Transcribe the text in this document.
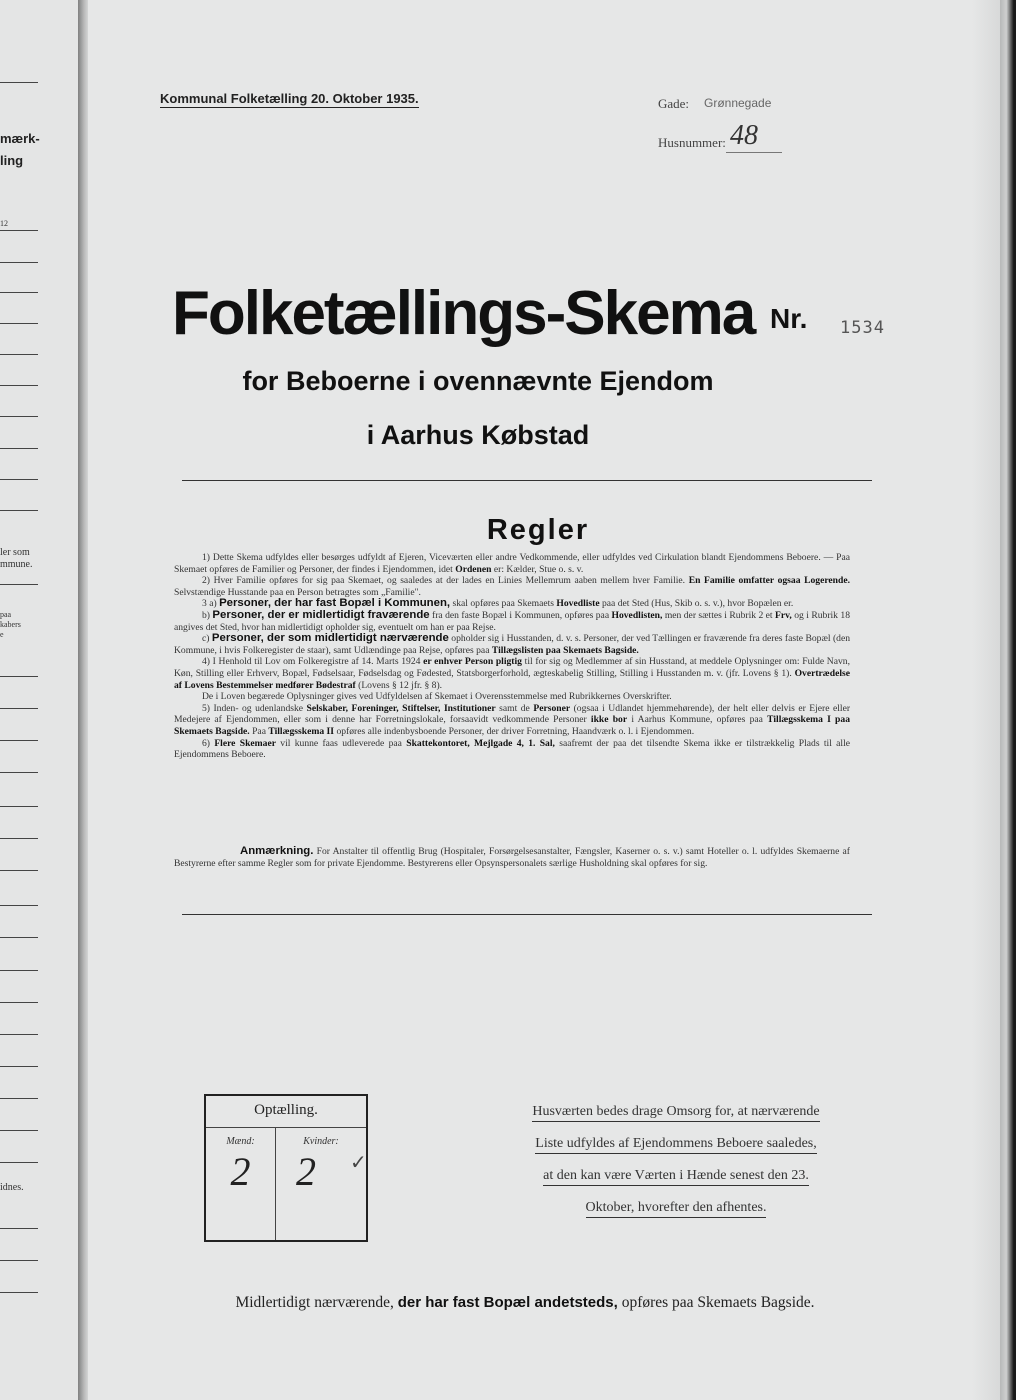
mærk-
ling
12
ler som
mmune.
paa
kabers
e
idnes.
Kommunal Folketælling 20. Oktober 1935.	Gade: Grønnegade
Husnummer: 48
Folketællings-Skema Nr. 1534
for Beboerne i ovennævnte Ejendom
i Aarhus Købstad
Regler

1) Dette Skema udfyldes eller besørges udfyldt af Ejeren, Viceværten eller andre Vedkommende, eller udfyldes ved Cirkulation blandt Ejendommens Beboere. — Paa Skemaet opføres de Familier og Personer, der findes i Ejendommen, idet Ordenen er: Kælder, Stue o. s. v.

2) Hver Familie opføres for sig paa Skemaet, og saaledes at der lades en Linies Mellemrum aaben mellem hver Familie. En Familie omfatter ogsaa Logerende. Selvstændige Husstande paa en Person betragtes som „Familie".

3 a) Personer, der har fast Bopæl i Kommunen, skal opføres paa Skemaets Hovedliste paa det Sted (Hus, Skib o. s. v.), hvor Bopælen er.

b) Personer, der er midlertidigt fraværende fra den faste Bopæl i Kommunen, opføres paa Hovedlisten, men der sættes i Rubrik 2 et Frv, og i Rubrik 18 angives det Sted, hvor han midlertidigt opholder sig, eventuelt om han er paa Rejse.

c) Personer, der som midlertidigt nærværende opholder sig i Husstanden, d. v. s. Personer, der ved Tællingen er fraværende fra deres faste Bopæl (den Kommune, i hvis Folkeregister de staar), samt Udlændinge paa Rejse, opføres paa Tillægslisten paa Skemaets Bagside.

4) I Henhold til Lov om Folkeregistre af 14. Marts 1924 er enhver Person pligtig til for sig og Medlemmer af sin Husstand, at meddele Oplysninger om: Fulde Navn, Køn, Stilling eller Erhverv, Bopæl, Fødselsaar, Fødselsdag og Fødested, Statsborgerforhold, ægteskabelig Stilling, Stilling i Husstanden m. v. (jfr. Lovens § 1). Overtrædelse af Lovens Bestemmelser medfører Bødestraf (Lovens § 12 jfr. § 8).

De i Loven begærede Oplysninger gives ved Udfyldelsen af Skemaet i Overensstemmelse med Rubrikkernes Overskrifter.

5) Inden- og udenlandske Selskaber, Foreninger, Stiftelser, Institutioner samt de Personer (ogsaa i Udlandet hjemmehørende), der helt eller delvis er Ejere eller Medejere af Ejendommen, eller som i denne har Forretningslokale, forsaavidt vedkommende Personer ikke bor i Aarhus Kommune, opføres paa Tillægsskema I paa Skemaets Bagside. Paa Tillægsskema II opføres alle indenbysboende Personer, der driver Forretning, Haandværk o. l. i Ejendommen.

6) Flere Skemaer vil kunne faas udleverede paa Skattekontoret, Mejlgade 4, 1. Sal, saafremt der paa det tilsendte Skema ikke er tilstrækkelig Plads til alle Ejendommens Beboere.

Anmærkning. For Anstalter til offentlig Brug (Hospitaler, Forsørgelsesanstalter, Fængsler, Kaserner o. s. v.) samt Hoteller o. l. udfyldes Skemaerne af Bestyrerne efter samme Regler som for private Ejendomme. Bestyrerens eller Opsynspersonalets særlige Husholdning skal opføres for sig.

Optælling.
Mænd:	Kvinder:
2	2	✓
Husværten bedes drage Omsorg for, at nærværende
Liste udfyldes af Ejendommens Beboere saaledes,
at den kan være Værten i Hænde senest den 23.
Oktober, hvorefter den afhentes.
Midlertidigt nærværende, der har fast Bopæl andetsteds, opføres paa Skemaets Bagside.
